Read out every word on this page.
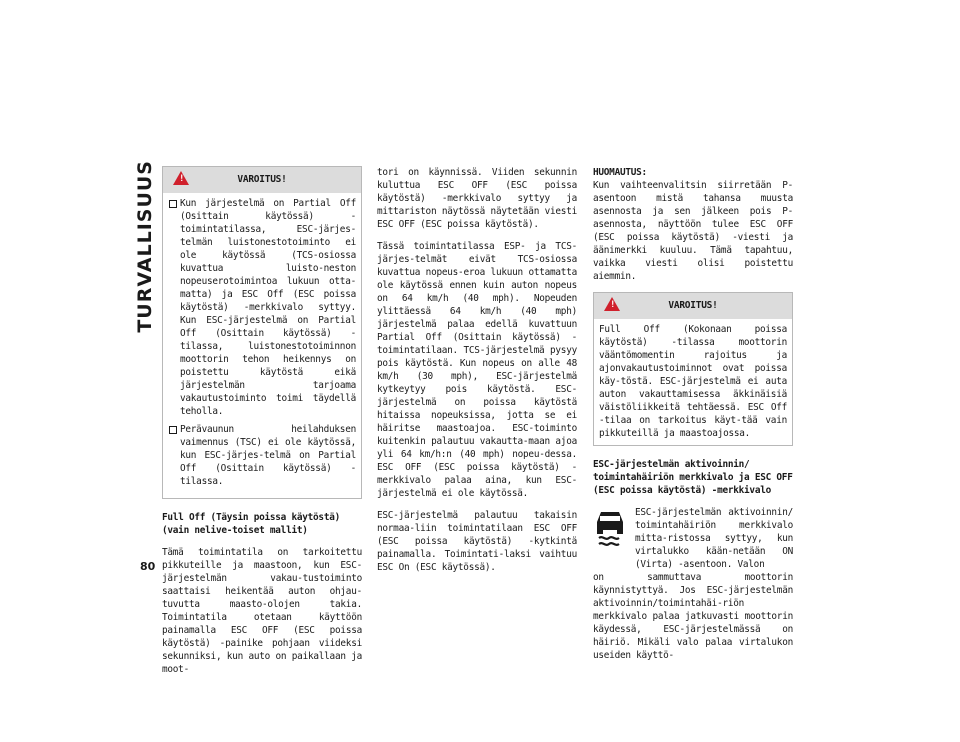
TURVALLISUUS
80
!	VAROITUS!
Kun järjestelmä on Partial Off (Osittain käytössä) -toimintatilassa, ESC-järjes-telmän luistonestotoiminto ei ole käytössä (TCS-osiossa kuvattua luisto-neston nopeuserotoimintoa lukuun otta-matta) ja ESC Off (ESC poissa käytöstä) -merkkivalo syttyy. Kun ESC-järjestelmä on Partial Off (Osittain käytössä) -tilassa, luistonestotoiminnon moottorin tehon heikennys on poistettu käytöstä eikä järjestelmän tarjoama vakautustoiminto toimi täydellä teholla.
Perävaunun heilahduksen vaimennus (TSC) ei ole käytössä, kun ESC-järjes-telmä on Partial Off (Osittain käytössä) -tilassa.

Full Off (Täysin poissa käytöstä) (vain nelive-toiset mallit)

Tämä toimintatila on tarkoitettu pikkuteille ja maastoon, kun ESC-järjestelmän vakau-tustoiminto saattaisi heikentää auton ohjau-tuvutta maasto-olojen takia. Toimintatila otetaan käyttöön painamalla ESC OFF (ESC poissa käytöstä) -painike pohjaan viideksi sekunniksi, kun auto on paikallaan ja moot-

tori on käynnissä. Viiden sekunnin kuluttua ESC OFF (ESC poissa käytöstä) -merkkivalo syttyy ja mittariston näytössä näytetään viesti ESC OFF (ESC poissa käytöstä).

Tässä toimintatilassa ESP- ja TCS-järjes-telmät eivät TCS-osiossa kuvattua nopeus-eroa lukuun ottamatta ole käytössä ennen kuin auton nopeus on 64 km/h (40 mph). Nopeuden ylittäessä 64 km/h (40 mph) järjestelmä palaa edellä kuvattuun Partial Off (Osittain käytössä) -toimintatilaan. TCS-järjestelmä pysyy pois käytöstä. Kun nopeus on alle 48 km/h (30 mph), ESC-järjestelmä kytkeytyy pois käytöstä. ESC-järjestelmä on poissa käytöstä hitaissa nopeuksissa, jotta se ei häiritse maastoajoa. ESC-toiminto kuitenkin palautuu vakautta-maan ajoa yli 64 km/h:n (40 mph) nopeu-dessa. ESC OFF (ESC poissa käytöstä) -merkkivalo palaa aina, kun ESC-järjestelmä ei ole käytössä.

ESC-järjestelmä palautuu takaisin normaa-liin toimintatilaan ESC OFF (ESC poissa käytöstä) -kytkintä painamalla. Toimintati-laksi vaihtuu ESC On (ESC käytössä).

HUOMAUTUS:

Kun vaihteenvalitsin siirretään P-asentoon mistä tahansa muusta asennosta ja sen jälkeen pois P-asennosta, näyttöön tulee ESC OFF (ESC poissa käytöstä) -viesti ja äänimerkki kuuluu. Tämä tapahtuu, vaikka viesti olisi poistettu aiemmin.

!	VAROITUS!
Full Off (Kokonaan poissa käytöstä) -tilassa moottorin vääntömomentin rajoitus ja ajonvakautustoiminnot ovat poissa käy-töstä. ESC-järjestelmä ei auta auton vakauttamisessa äkkinäisiä väistöliikkeitä tehtäessä. ESC Off -tilaa on tarkoitus käyt-tää vain pikkuteillä ja maastoajossa.

ESC-järjestelmän aktivoinnin/ toimintahäiriön merkkivalo ja ESC OFF (ESC poissa käytöstä) -merkkivalo

ESC-järjestelmän aktivoinnin/ toimintahäiriön merkkivalo mitta-ristossa syttyy, kun virtalukko kään-netään ON (Virta) -asentoon. Valon

on sammuttava moottorin käynnistyttyä. Jos ESC-järjestelmän aktivoinnin/toimintahäi-riön merkkivalo palaa jatkuvasti moottorin käydessä, ESC-järjestelmässä on häiriö. Mikäli valo palaa virtalukon useiden käyttö-
